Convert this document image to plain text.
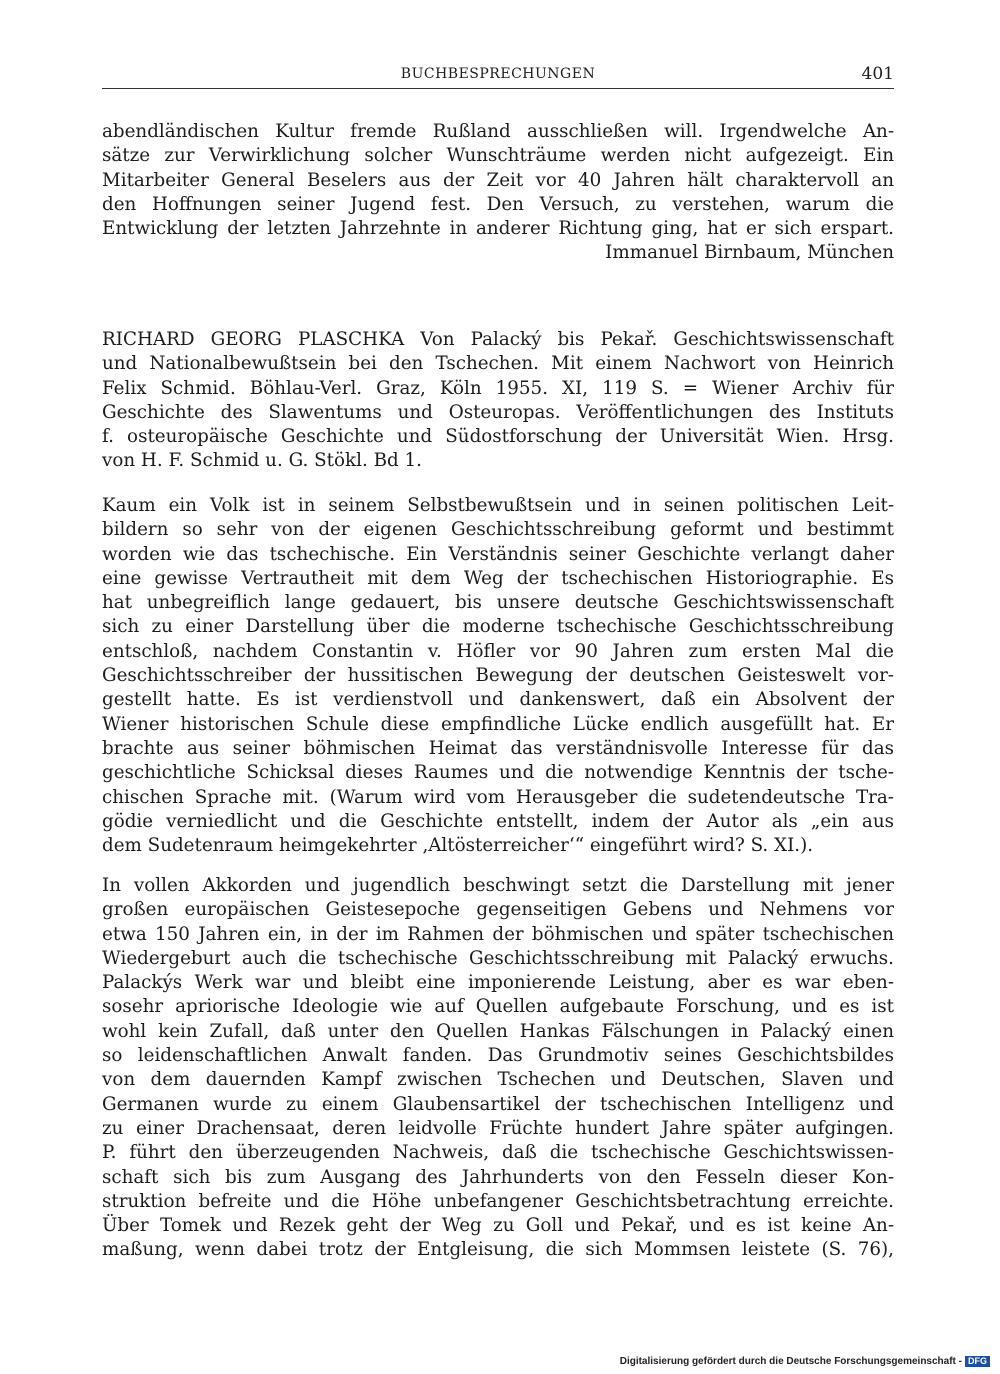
BUCHBESPRECHUNGEN	401
abendländischen Kultur fremde Rußland ausschließen will. Irgendwelche An-
sätze zur Verwirklichung solcher Wunschträume werden nicht aufgezeigt. Ein
Mitarbeiter General Beselers aus der Zeit vor 40 Jahren hält charaktervoll an
den Hoffnungen seiner Jugend fest. Den Versuch, zu verstehen, warum die
Entwicklung der letzten Jahrzehnte in anderer Richtung ging, hat er sich erspart.
Immanuel Birnbaum, München
RICHARD GEORG PLASCHKA Von Palacký bis Pekař. Geschichtswissenschaft
und Nationalbewußtsein bei den Tschechen. Mit einem Nachwort von Heinrich
Felix Schmid. Böhlau-Verl. Graz, Köln 1955. XI, 119 S. = Wiener Archiv für
Geschichte des Slawentums und Osteuropas. Veröffentlichungen des Instituts
f. osteuropäische Geschichte und Südostforschung der Universität Wien. Hrsg.
von H. F. Schmid u. G. Stökl. Bd 1.
Kaum ein Volk ist in seinem Selbstbewußtsein und in seinen politischen Leit-
bildern so sehr von der eigenen Geschichtsschreibung geformt und bestimmt
worden wie das tschechische. Ein Verständnis seiner Geschichte verlangt daher
eine gewisse Vertrautheit mit dem Weg der tschechischen Historiographie. Es
hat unbegreiflich lange gedauert, bis unsere deutsche Geschichtswissenschaft
sich zu einer Darstellung über die moderne tschechische Geschichtsschreibung
entschloß, nachdem Constantin v. Höfler vor 90 Jahren zum ersten Mal die
Geschichtsschreiber der hussitischen Bewegung der deutschen Geisteswelt vor-
gestellt hatte. Es ist verdienstvoll und dankenswert, daß ein Absolvent der
Wiener historischen Schule diese empfindliche Lücke endlich ausgefüllt hat. Er
brachte aus seiner böhmischen Heimat das verständnisvolle Interesse für das
geschichtliche Schicksal dieses Raumes und die notwendige Kenntnis der tsche-
chischen Sprache mit. (Warum wird vom Herausgeber die sudetendeutsche Tra-
gödie verniedlicht und die Geschichte entstellt, indem der Autor als „ein aus
dem Sudetenraum heimgekehrter ‚Altösterreicher‘“ eingeführt wird? S. XI.).
In vollen Akkorden und jugendlich beschwingt setzt die Darstellung mit jener
großen europäischen Geistesepoche gegenseitigen Gebens und Nehmens vor
etwa 150 Jahren ein, in der im Rahmen der böhmischen und später tschechischen
Wiedergeburt auch die tschechische Geschichtsschreibung mit Palacký erwuchs.
Palackýs Werk war und bleibt eine imponierende Leistung, aber es war eben-
sosehr apriorische Ideologie wie auf Quellen aufgebaute Forschung, und es ist
wohl kein Zufall, daß unter den Quellen Hankas Fälschungen in Palacký einen
so leidenschaftlichen Anwalt fanden. Das Grundmotiv seines Geschichtsbildes
von dem dauernden Kampf zwischen Tschechen und Deutschen, Slaven und
Germanen wurde zu einem Glaubensartikel der tschechischen Intelligenz und
zu einer Drachensaat, deren leidvolle Früchte hundert Jahre später aufgingen.
P. führt den überzeugenden Nachweis, daß die tschechische Geschichtswissen-
schaft sich bis zum Ausgang des Jahrhunderts von den Fesseln dieser Kon-
struktion befreite und die Höhe unbefangener Geschichtsbetrachtung erreichte.
Über Tomek und Rezek geht der Weg zu Goll und Pekař, und es ist keine An-
maßung, wenn dabei trotz der Entgleisung, die sich Mommsen leistete (S. 76),
Digitalisierung gefördert durch die Deutsche Forschungsgemeinschaft - DFG
